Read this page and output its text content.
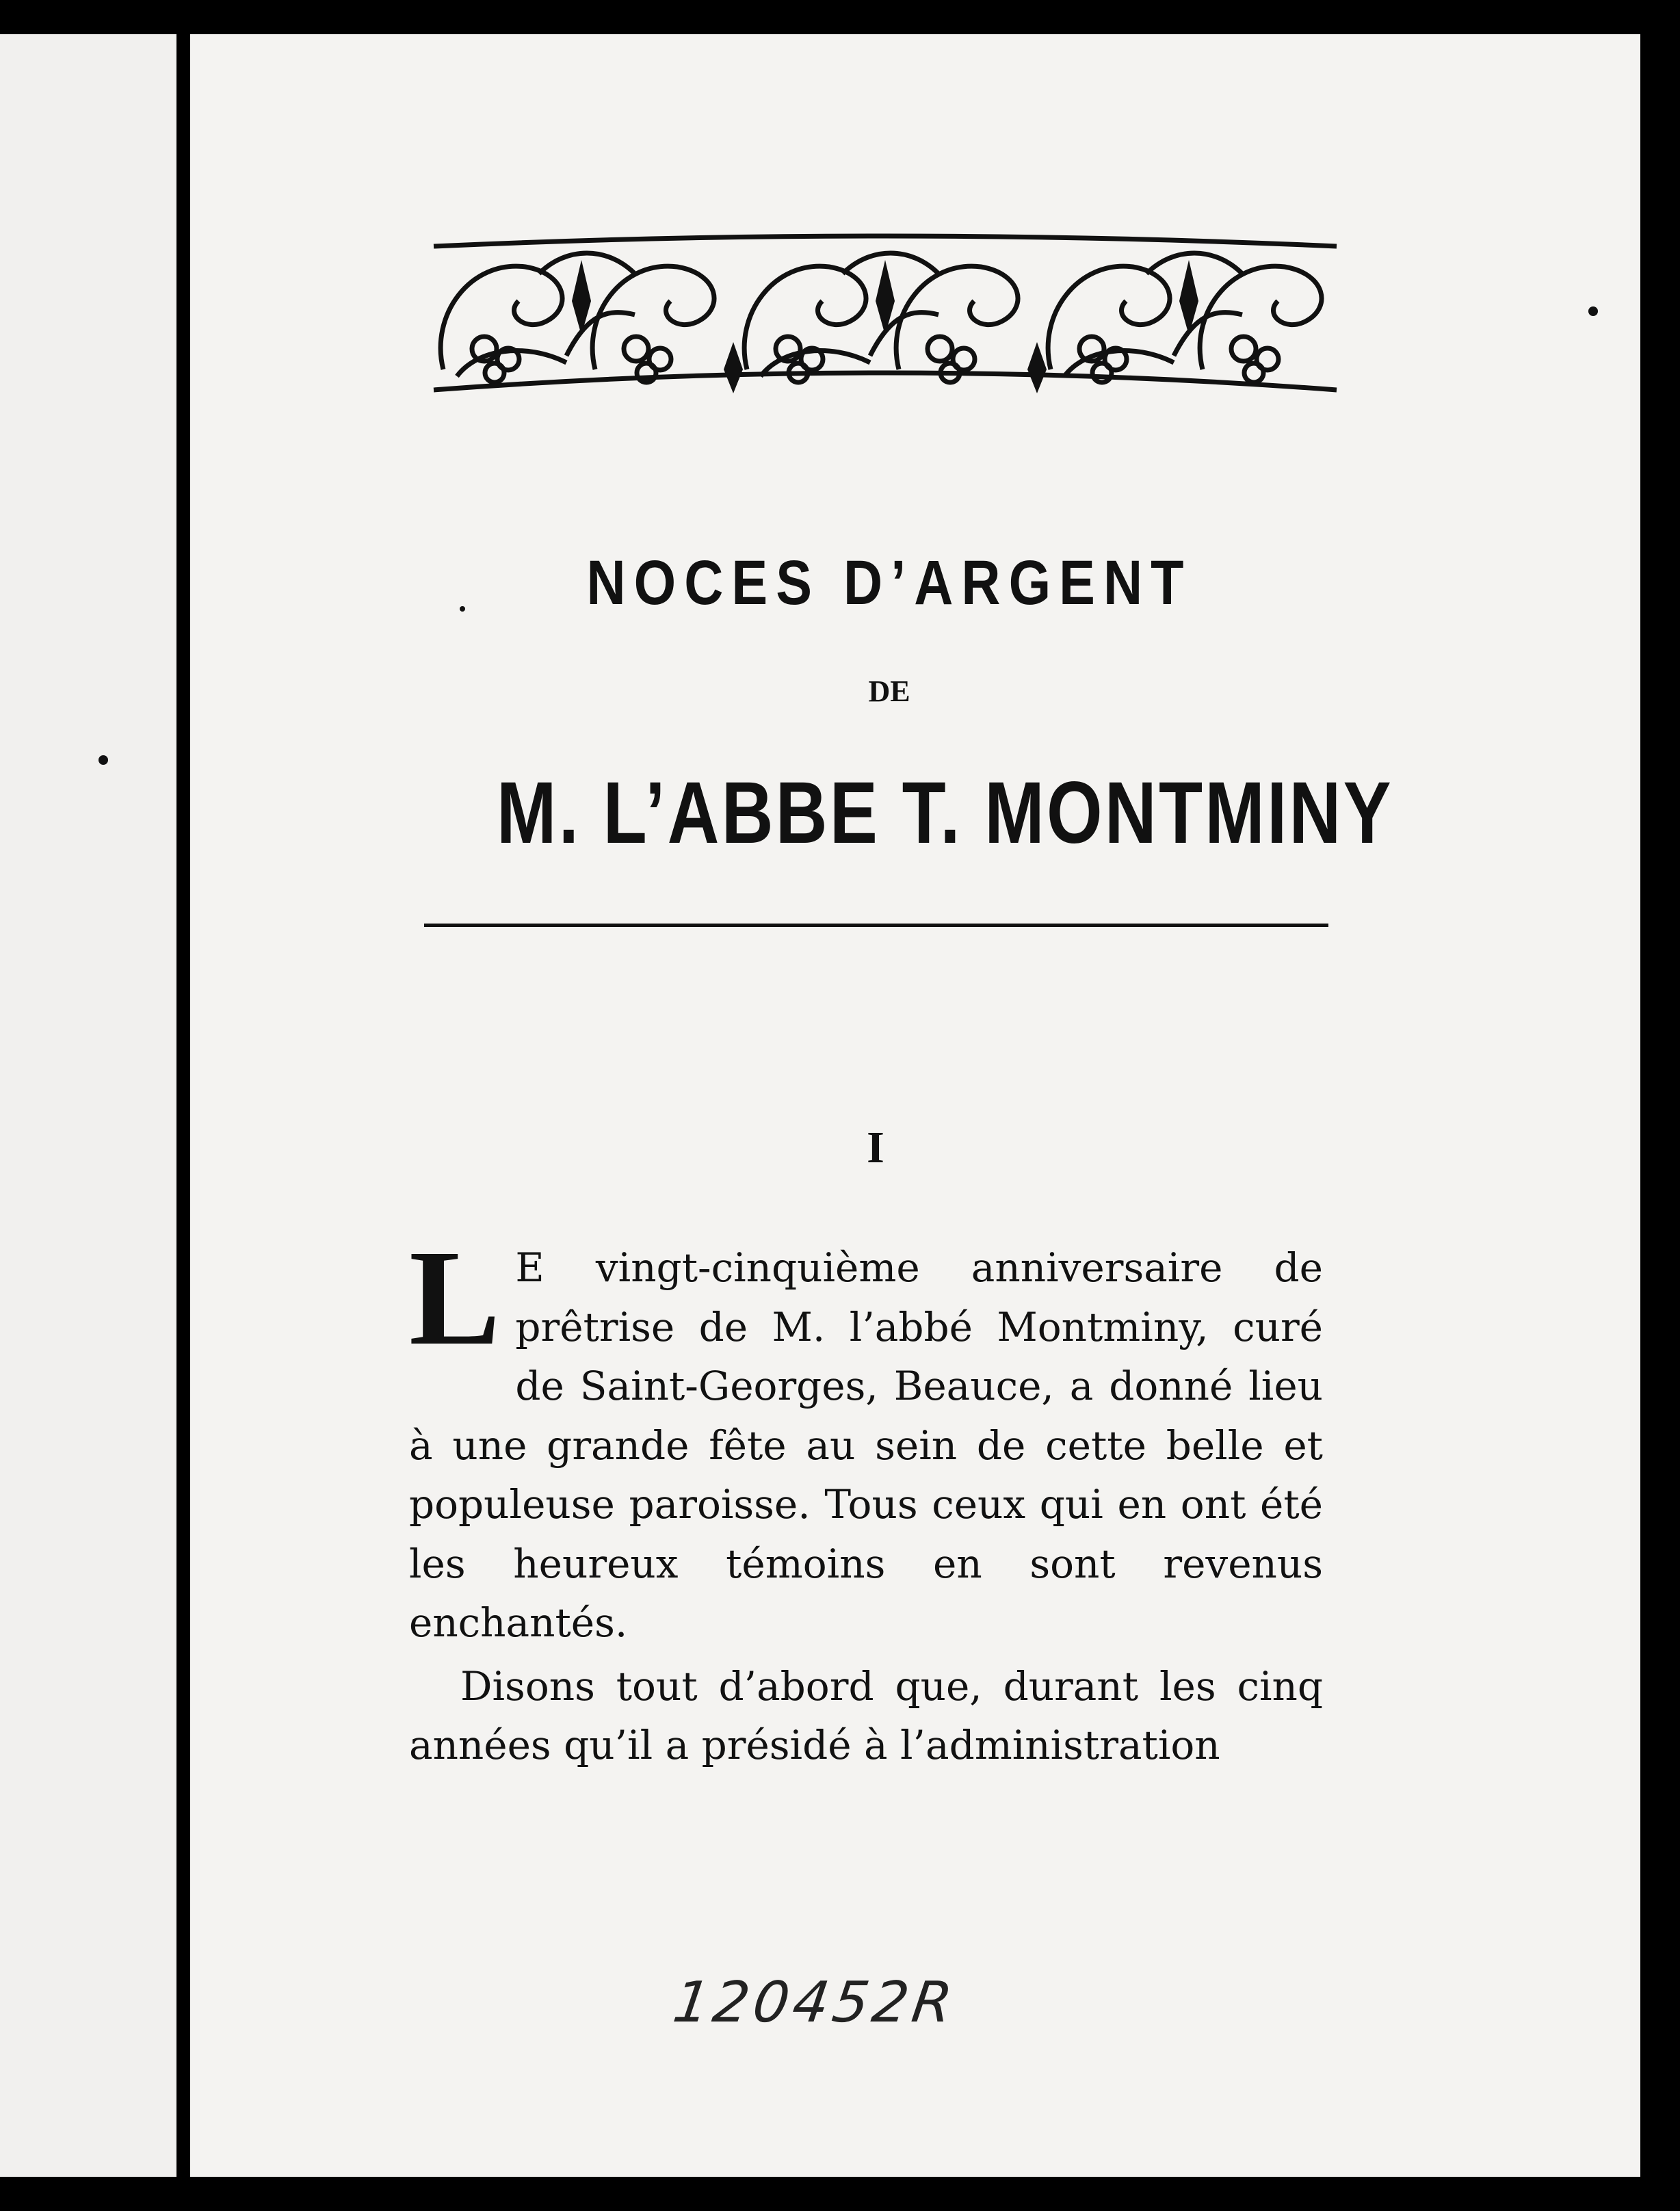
NOCES D’ARGENT
DE
M. L’ABBE T. MONTMINY
I

L E vingt-cinquième anniversaire de prêtrise de M. l’abbé Montminy, curé de Saint-Georges, Beauce, a donné lieu à une grande fête au sein de cette belle et populeuse paroisse. Tous ceux qui en ont été les heureux témoins en sont revenus enchantés.

Disons tout d’abord que, durant les cinq années qu’il a présidé à l’administration

120452R
